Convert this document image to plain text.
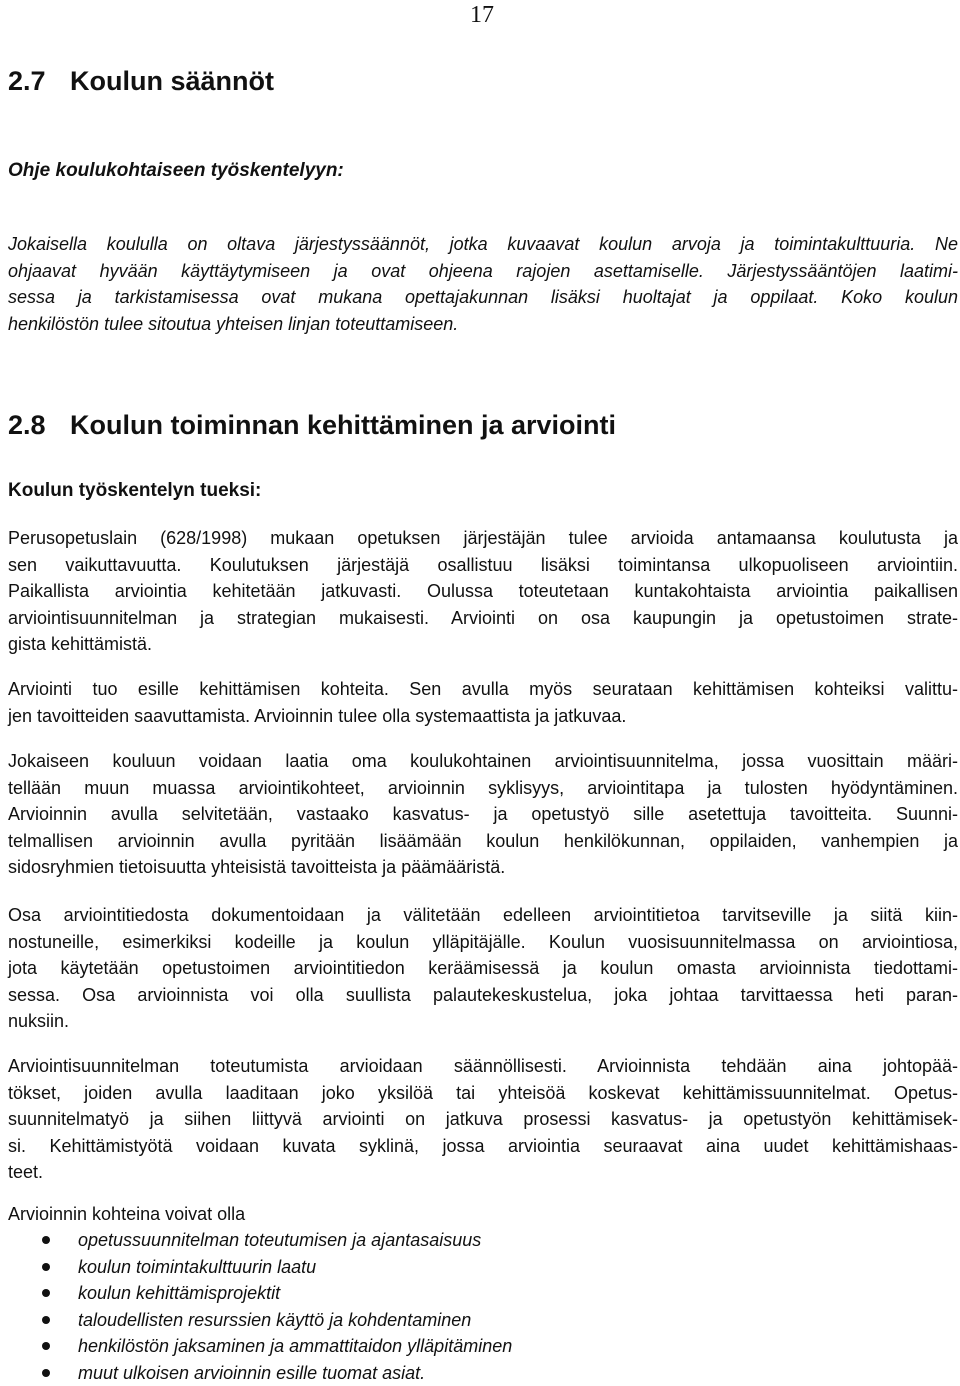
17
2.7 Koulun säännöt
Ohje koulukohtaiseen työskentelyyn:
Jokaisella koululla on oltava järjestyssäännöt, jotka kuvaavat koulun arvoja ja toimintakulttuuria. Ne
ohjaavat hyvään käyttäytymiseen ja ovat ohjeena rajojen asettamiselle. Järjestyssääntöjen laatimi-
sessa ja tarkistamisessa ovat mukana opettajakunnan lisäksi huoltajat ja oppilaat. Koko koulun
henkilöstön tulee sitoutua yhteisen linjan toteuttamiseen.
2.8 Koulun toiminnan kehittäminen ja arviointi
Koulun työskentelyn tueksi:
Perusopetuslain (628/1998) mukaan opetuksen järjestäjän tulee arvioida antamaansa koulutusta ja
sen vaikuttavuutta. Koulutuksen järjestäjä osallistuu lisäksi toimintansa ulkopuoliseen arviointiin.
Paikallista arviointia kehitetään jatkuvasti. Oulussa toteutetaan kuntakohtaista arviointia paikallisen
arviointisuunnitelman ja strategian mukaisesti. Arviointi on osa kaupungin ja opetustoimen strate-
gista kehittämistä.
Arviointi tuo esille kehittämisen kohteita. Sen avulla myös seurataan kehittämisen kohteiksi valittu-
jen tavoitteiden saavuttamista. Arvioinnin tulee olla systemaattista ja jatkuvaa.
Jokaiseen kouluun voidaan laatia oma koulukohtainen arviointisuunnitelma, jossa vuosittain määri-
tellään muun muassa arviointikohteet, arvioinnin syklisyys, arviointitapa ja tulosten hyödyntäminen.
Arvioinnin avulla selvitetään, vastaako kasvatus- ja opetustyö sille asetettuja tavoitteita. Suunni-
telmallisen arvioinnin avulla pyritään lisäämään koulun henkilökunnan, oppilaiden, vanhempien ja
sidosryhmien tietoisuutta yhteisistä tavoitteista ja päämääristä.
Osa arviointitiedosta dokumentoidaan ja välitetään edelleen arviointitietoa tarvitseville ja siitä kiin-
nostuneille, esimerkiksi kodeille ja koulun ylläpitäjälle. Koulun vuosisuunnitelmassa on arviointiosa,
jota käytetään opetustoimen arviointitiedon keräämisessä ja koulun omasta arvioinnista tiedottami-
sessa. Osa arvioinnista voi olla suullista palautekeskustelua, joka johtaa tarvittaessa heti paran-
nuksiin.
Arviointisuunnitelman toteutumista arvioidaan säännöllisesti. Arvioinnista tehdään aina johtopää-
tökset, joiden avulla laaditaan joko yksilöä tai yhteisöä koskevat kehittämissuunnitelmat. Opetus-
suunnitelmatyö ja siihen liittyvä arviointi on jatkuva prosessi kasvatus- ja opetustyön kehittämisek-
si. Kehittämistyötä voidaan kuvata syklinä, jossa arviointia seuraavat aina uudet kehittämishaas-
teet.
Arvioinnin kohteina voivat olla
opetussuunnitelman toteutumisen ja ajantasaisuus
koulun toimintakulttuurin laatu
koulun kehittämisprojektit
taloudellisten resurssien käyttö ja kohdentaminen
henkilöstön jaksaminen ja ammattitaidon ylläpitäminen
muut ulkoisen arvioinnin esille tuomat asiat.
